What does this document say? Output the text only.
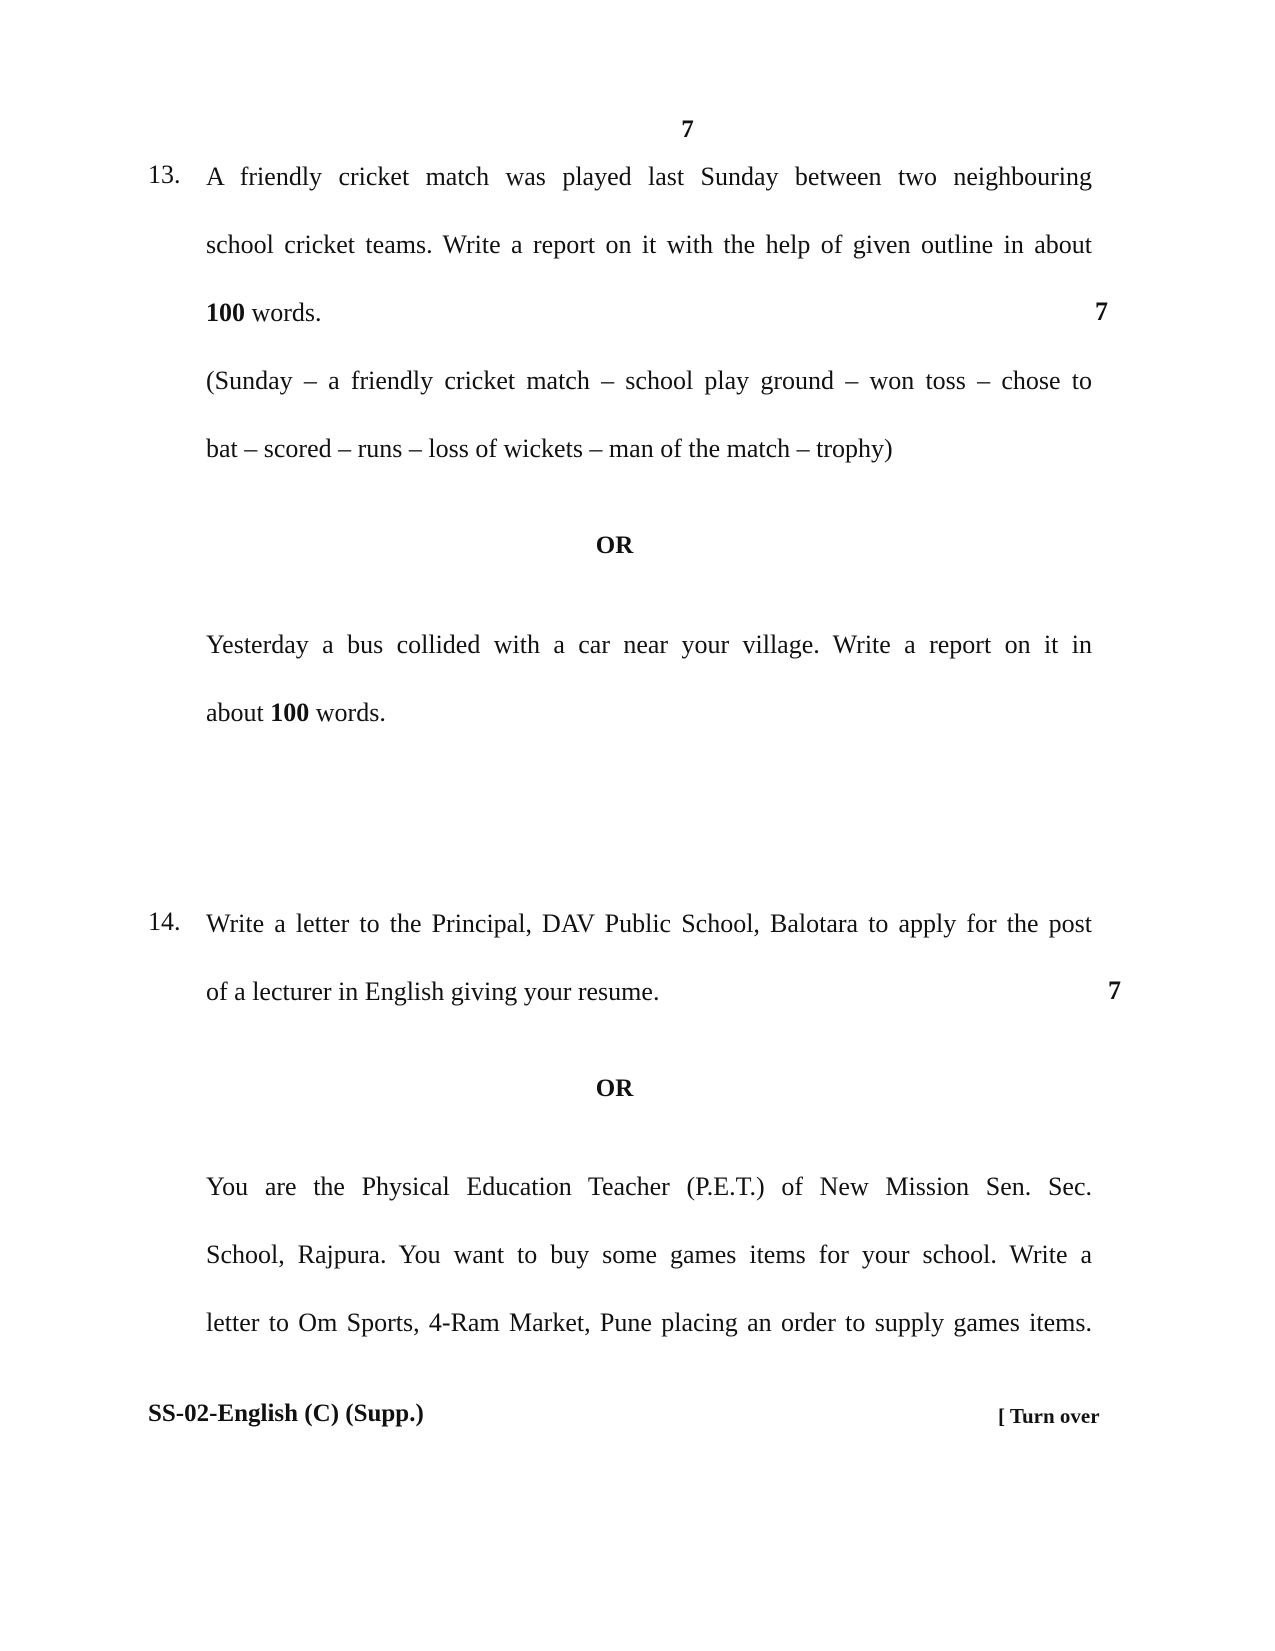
7
13. A friendly cricket match was played last Sunday between two neighbouring
school cricket teams. Write a report on it with the help of given outline in about
100 words.	7
(Sunday – a friendly cricket match – school play ground – won toss – chose to
bat – scored – runs – loss of wickets – man of the match – trophy)
OR
Yesterday a bus collided with a car near your village. Write a report on it in
about 100 words.
14. Write a letter to the Principal, DAV Public School, Balotara to apply for the post
of a lecturer in English giving your resume.	7
OR
You are the Physical Education Teacher (P.E.T.) of New Mission Sen. Sec.
School, Rajpura. You want to buy some games items for your school. Write a
letter to Om Sports, 4-Ram Market, Pune placing an order to supply games items.
SS-02-English (C) (Supp.)	[ Turn over
